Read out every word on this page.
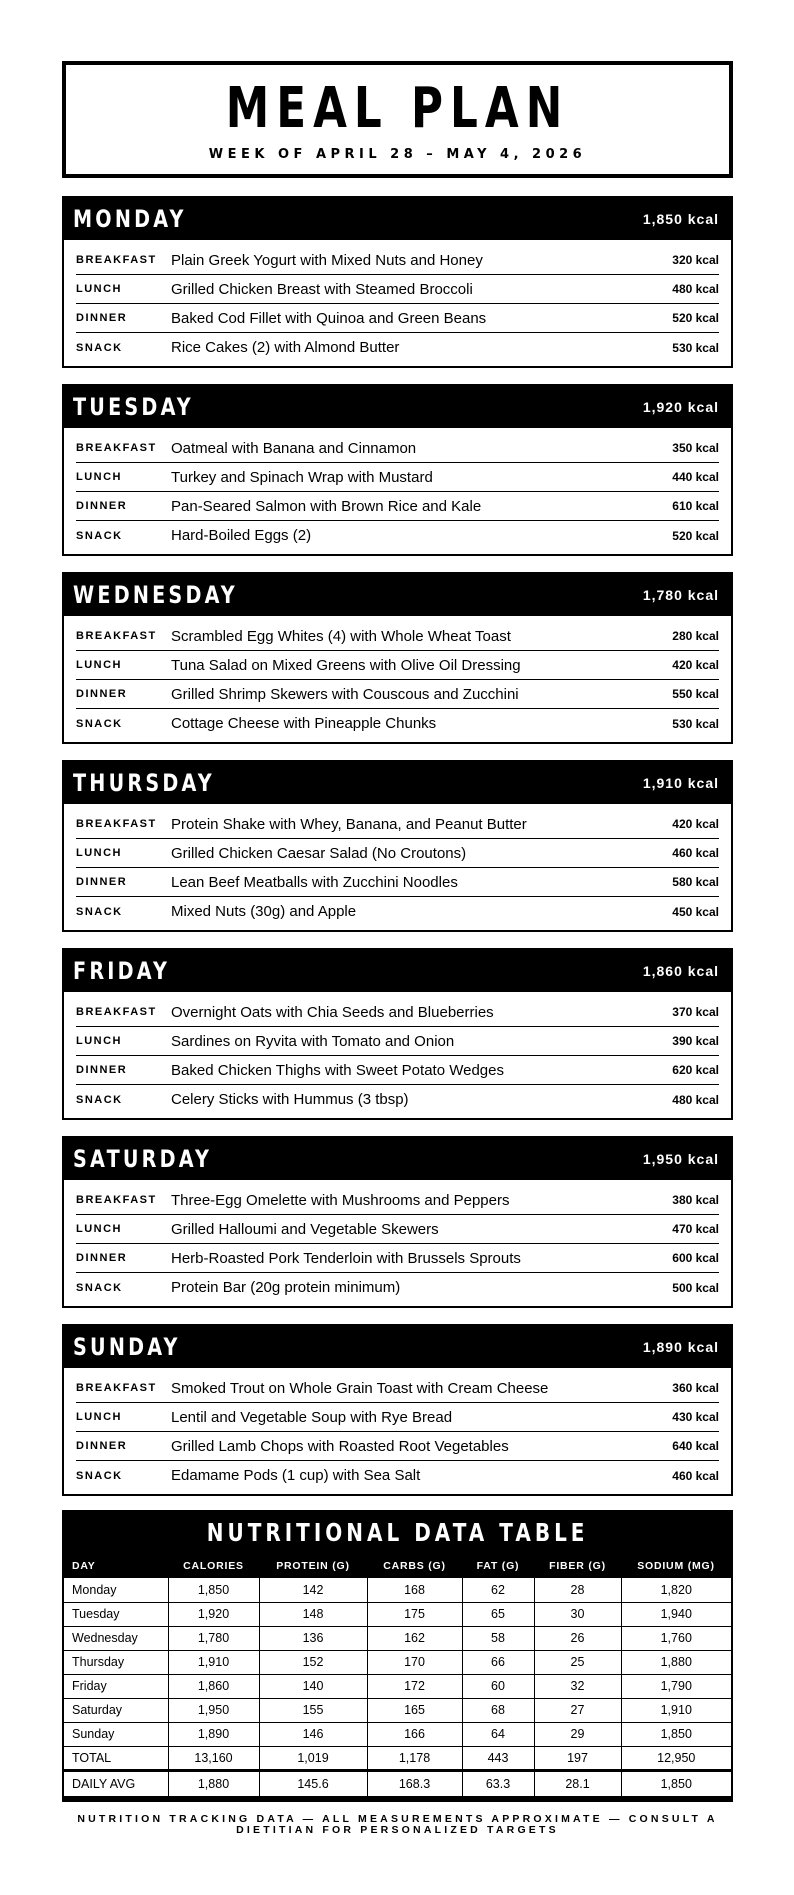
MEAL PLAN
WEEK OF APRIL 28 – MAY 4, 2026
MONDAY	1,850 kcal
BREAKFAST Plain Greek Yogurt with Mixed Nuts and Honey	320 kcal
LUNCH	Grilled Chicken Breast with Steamed Broccoli	480 kcal
DINNER	Baked Cod Fillet with Quinoa and Green Beans	520 kcal
SNACK	Rice Cakes (2) with Almond Butter	530 kcal
TUESDAY	1,920 kcal
BREAKFAST Oatmeal with Banana and Cinnamon	350 kcal
LUNCH	Turkey and Spinach Wrap with Mustard	440 kcal
DINNER	Pan-Seared Salmon with Brown Rice and Kale	610 kcal
SNACK	Hard-Boiled Eggs (2)	520 kcal
WEDNESDAY	1,780 kcal
BREAKFAST Scrambled Egg Whites (4) with Whole Wheat Toast	280 kcal
LUNCH	Tuna Salad on Mixed Greens with Olive Oil Dressing	420 kcal
DINNER	Grilled Shrimp Skewers with Couscous and Zucchini	550 kcal
SNACK	Cottage Cheese with Pineapple Chunks	530 kcal
THURSDAY	1,910 kcal
BREAKFAST Protein Shake with Whey, Banana, and Peanut Butter	420 kcal
LUNCH	Grilled Chicken Caesar Salad (No Croutons)	460 kcal
DINNER	Lean Beef Meatballs with Zucchini Noodles	580 kcal
SNACK	Mixed Nuts (30g) and Apple	450 kcal
FRIDAY	1,860 kcal
BREAKFAST Overnight Oats with Chia Seeds and Blueberries	370 kcal
LUNCH	Sardines on Ryvita with Tomato and Onion	390 kcal
DINNER	Baked Chicken Thighs with Sweet Potato Wedges	620 kcal
SNACK	Celery Sticks with Hummus (3 tbsp)	480 kcal
SATURDAY	1,950 kcal
BREAKFAST Three-Egg Omelette with Mushrooms and Peppers	380 kcal
LUNCH	Grilled Halloumi and Vegetable Skewers	470 kcal
DINNER	Herb-Roasted Pork Tenderloin with Brussels Sprouts	600 kcal
SNACK	Protein Bar (20g protein minimum)	500 kcal
SUNDAY	1,890 kcal
BREAKFAST Smoked Trout on Whole Grain Toast with Cream Cheese	360 kcal
LUNCH	Lentil and Vegetable Soup with Rye Bread	430 kcal
DINNER	Grilled Lamb Chops with Roasted Root Vegetables	640 kcal
SNACK	Edamame Pods (1 cup) with Sea Salt	460 kcal
NUTRITIONAL DATA TABLE
DAY	CALORIES	PROTEIN (G)	CARBS (G)	FAT (G)	FIBER (G)	SODIUM (MG)
Monday	1,850	142	168	62	28	1,820
Tuesday	1,920	148	175	65	30	1,940
Wednesday	1,780	136	162	58	26	1,760
Thursday	1,910	152	170	66	25	1,880
Friday	1,860	140	172	60	32	1,790
Saturday	1,950	155	165	68	27	1,910
Sunday	1,890	146	166	64	29	1,850
TOTAL	13,160	1,019	1,178	443	197	12,950
DAILY AVG	1,880	145.6	168.3	63.3	28.1	1,850
NUTRITION TRACKING DATA — ALL MEASUREMENTS APPROXIMATE — CONSULT A DIETITIAN FOR PERSONALIZED TARGETS
